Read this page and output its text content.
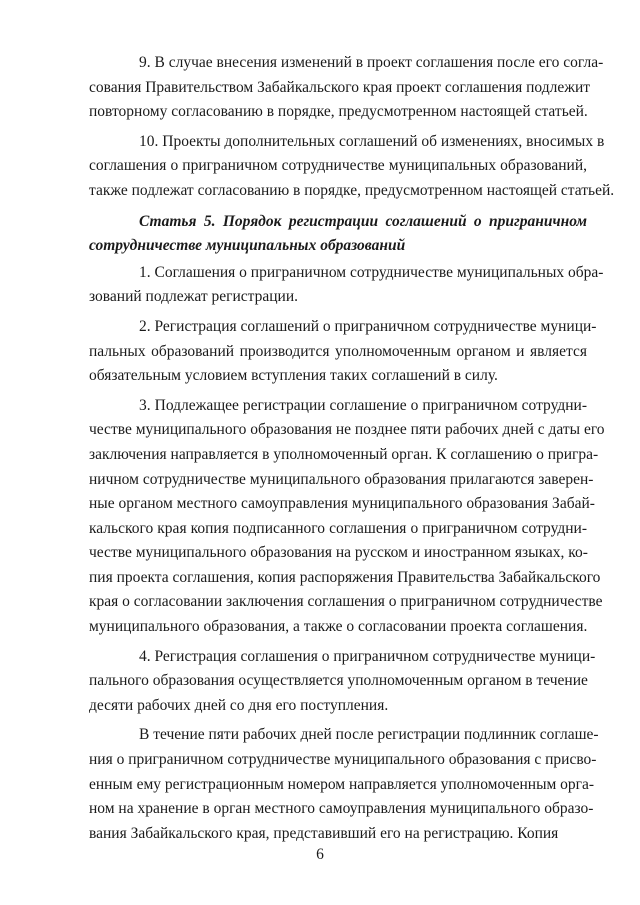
9. В случае внесения изменений в проект соглашения после его согла-
сования Правительством Забайкальского края проект соглашения подлежит
повторному согласованию в порядке, предусмотренном настоящей статьей.
10. Проекты дополнительных соглашений об изменениях, вносимых в
соглашения о приграничном сотрудничестве муниципальных образований,
также подлежат согласованию в порядке, предусмотренном настоящей статьей.
Статья 5. Порядок регистрации соглашений о приграничном
сотрудничестве муниципальных образований
1. Соглашения о приграничном сотрудничестве муниципальных обра-
зований подлежат регистрации.
2. Регистрация соглашений о приграничном сотрудничестве муници-
пальных образований производится уполномоченным органом и является
обязательным условием вступления таких соглашений в силу.
3. Подлежащее регистрации соглашение о приграничном сотрудни-
честве муниципального образования не позднее пяти рабочих дней с даты его
заключения направляется в уполномоченный орган. К соглашению о пригра-
ничном сотрудничестве муниципального образования прилагаются заверен-
ные органом местного самоуправления муниципального образования Забай-
кальского края копия подписанного соглашения о приграничном сотрудни-
честве муниципального образования на русском и иностранном языках, ко-
пия проекта соглашения, копия распоряжения Правительства Забайкальского
края о согласовании заключения соглашения о приграничном сотрудничестве
муниципального образования, а также о согласовании проекта соглашения.
4. Регистрация соглашения о приграничном сотрудничестве муници-
пального образования осуществляется уполномоченным органом в течение
десяти рабочих дней со дня его поступления.
В течение пяти рабочих дней после регистрации подлинник соглаше-
ния о приграничном сотрудничестве муниципального образования с присво-
енным ему регистрационным номером направляется уполномоченным орга-
ном на хранение в орган местного самоуправления муниципального образо-
вания Забайкальского края, представивший его на регистрацию. Копия
6
